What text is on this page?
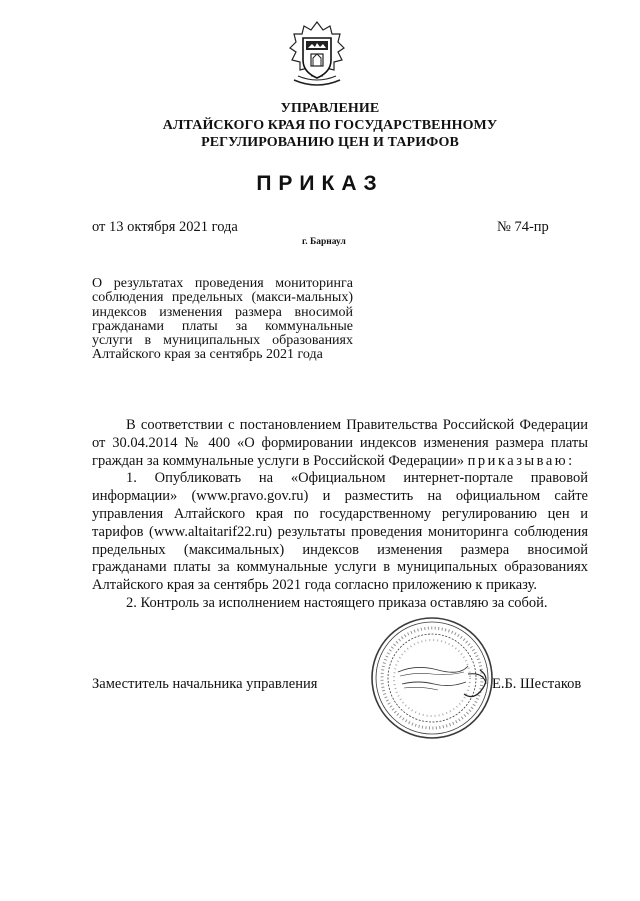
УПРАВЛЕНИЕ
АЛТАЙСКОГО КРАЯ ПО ГОСУДАРСТВЕННОМУ
РЕГУЛИРОВАНИЮ ЦЕН И ТАРИФОВ
ПРИКАЗ
от 13 октября 2021 года	№ 74-пр
г. Барнаул
О результатах проведения мониторинга соблюдения предельных (макси-мальных) индексов изменения размера вносимой гражданами платы за коммунальные услуги в муниципальных образованиях Алтайского края за сентябрь 2021 года

В соответствии с постановлением Правительства Российской Федерации от 30.04.2014 № 400 «О формировании индексов изменения размера платы граждан за коммунальные услуги в Российской Федерации» приказываю:

1. Опубликовать на «Официальном интернет-портале правовой информации» (www.pravo.gov.ru) и разместить на официальном сайте управления Алтайского края по государственному регулированию цен и тарифов (www.altaitarif22.ru) результаты проведения мониторинга соблюдения предельных (максимальных) индексов изменения размера вносимой гражданами платы за коммунальные услуги в муниципальных образованиях Алтайского края за сентябрь 2021 года согласно приложению к приказу.

2. Контроль за исполнением настоящего приказа оставляю за собой.

Заместитель начальника управления	Е.Б. Шестаков
